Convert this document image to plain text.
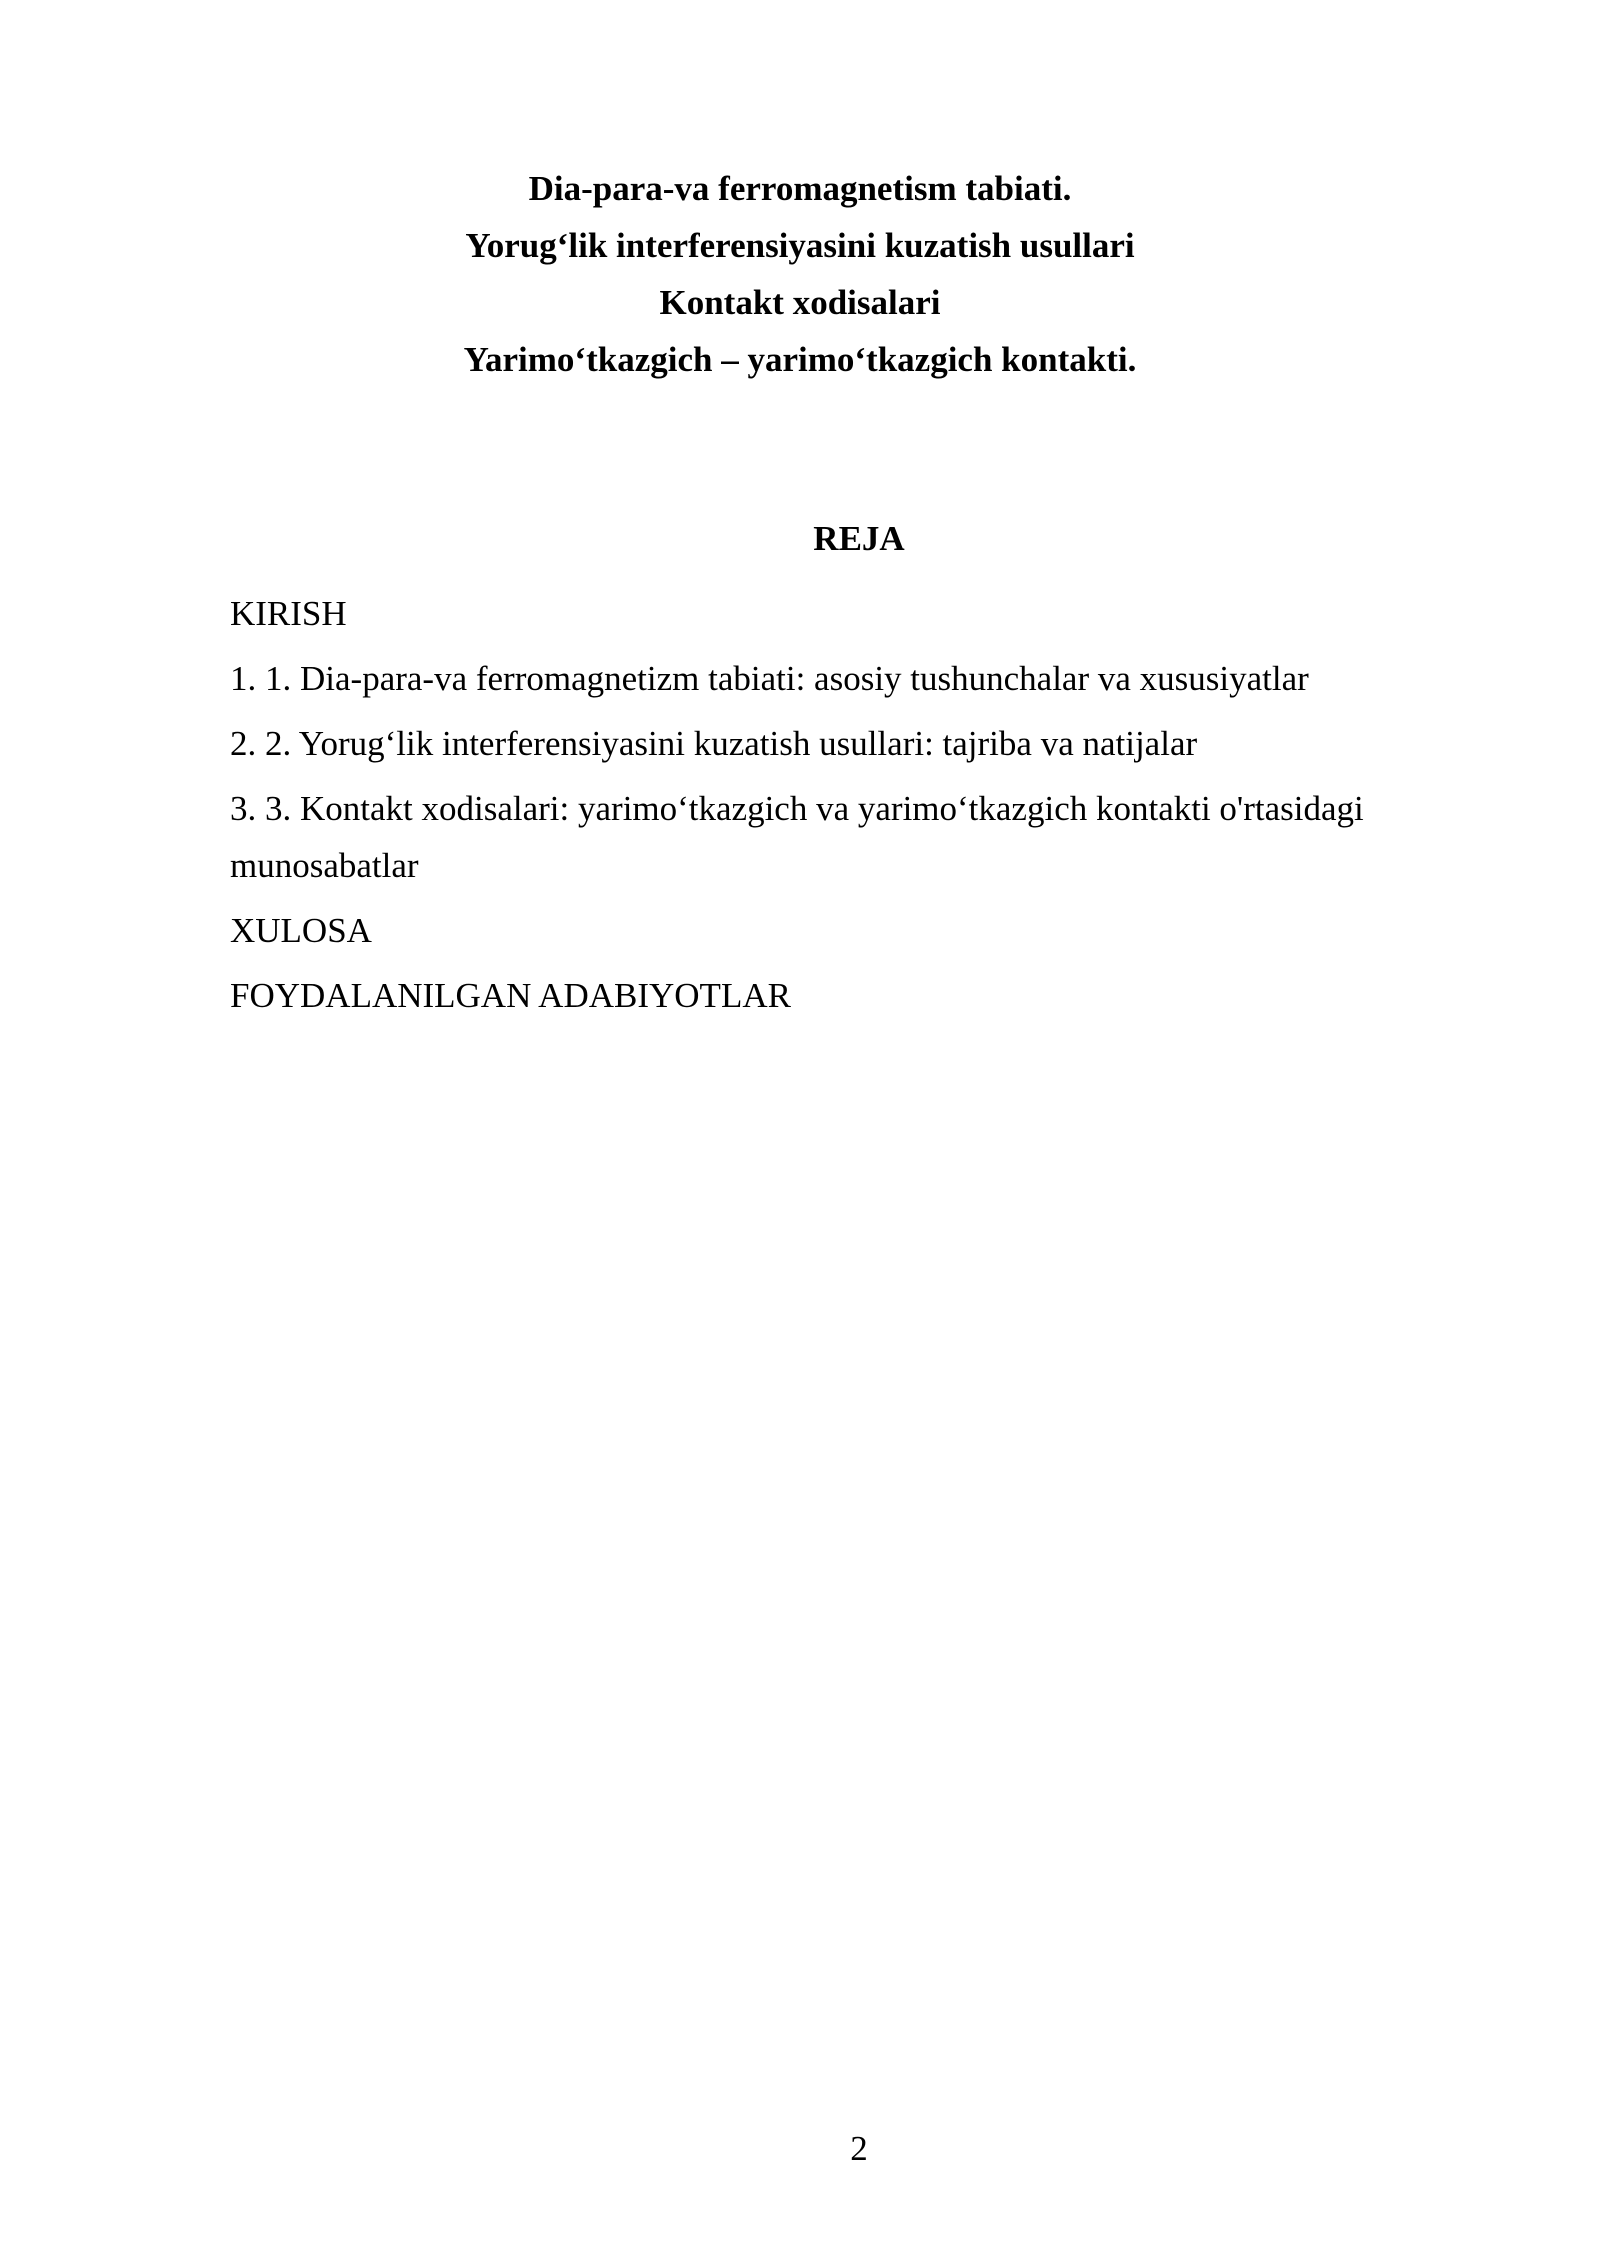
Dia-para-va ferromagnetism tabiati.
Yorug‘lik interferensiyasini kuzatish usullari
Kontakt xodisalari
Yarimo‘tkazgich – yarimo‘tkazgich kontakti.
REJA
KIRISH
1. 1. Dia-para-va ferromagnetizm tabiati: asosiy tushunchalar va xususiyatlar
2. 2. Yorug‘lik interferensiyasini kuzatish usullari: tajriba va natijalar
3. 3. Kontakt xodisalari: yarimo‘tkazgich va yarimo‘tkazgich kontakti o'rtasidagi munosabatlar
XULOSA
FOYDALANILGAN ADABIYOTLAR
2
